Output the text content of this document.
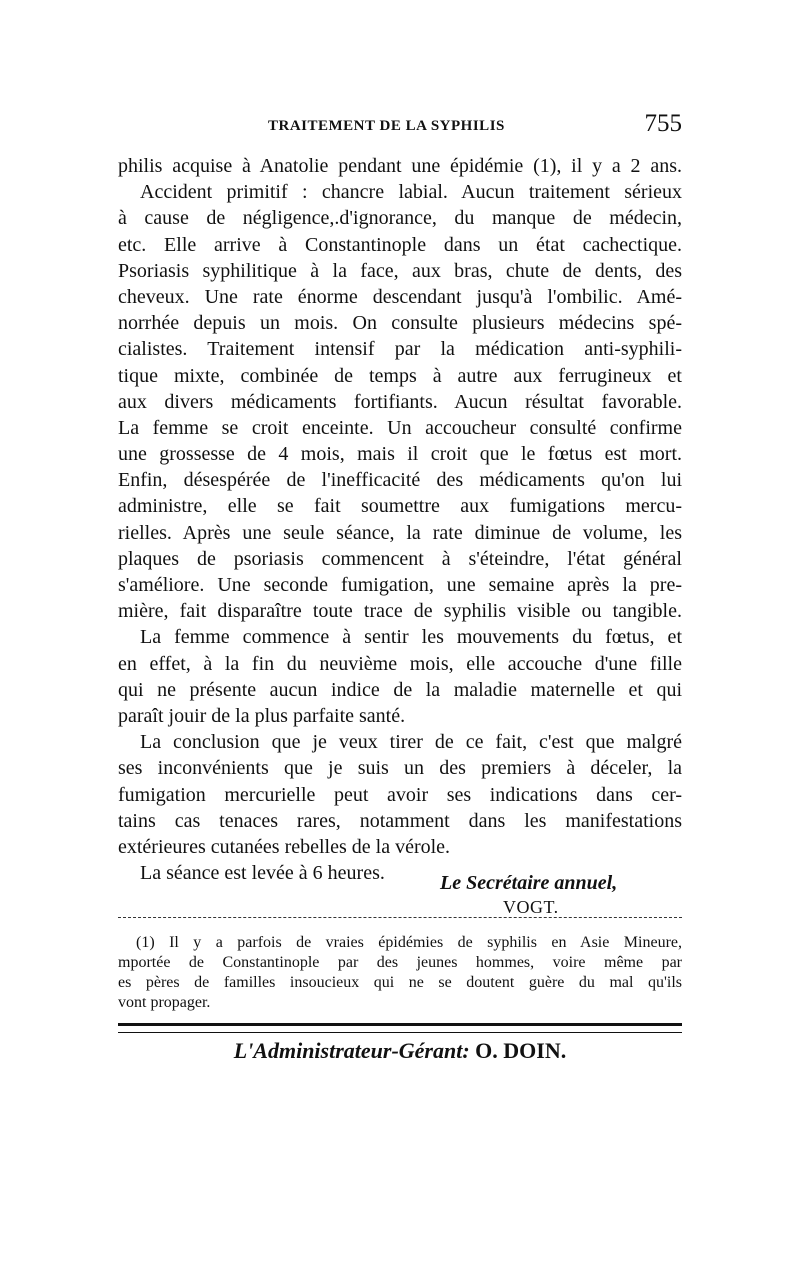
TRAITEMENT DE LA SYPHILIS	755
philis acquise à Anatolie pendant une épidémie (1), il y a 2 ans.
Accident primitif : chancre labial. Aucun traitement sérieux
à cause de négligence,.d'ignorance, du manque de médecin,
etc. Elle arrive à Constantinople dans un état cachectique.
Psoriasis syphilitique à la face, aux bras, chute de dents, des
cheveux. Une rate énorme descendant jusqu'à l'ombilic. Amé-
norrhée depuis un mois. On consulte plusieurs médecins spé-
cialistes. Traitement intensif par la médication anti-syphili-
tique mixte, combinée de temps à autre aux ferrugineux et
aux divers médicaments fortifiants. Aucun résultat favorable.
La femme se croit enceinte. Un accoucheur consulté confirme
une grossesse de 4 mois, mais il croit que le fœtus est mort.
Enfin, désespérée de l'inefficacité des médicaments qu'on lui
administre, elle se fait soumettre aux fumigations mercu-
rielles. Après une seule séance, la rate diminue de volume, les
plaques de psoriasis commencent à s'éteindre, l'état général
s'améliore. Une seconde fumigation, une semaine après la pre-
mière, fait disparaître toute trace de syphilis visible ou tangible.
La femme commence à sentir les mouvements du fœtus, et
en effet, à la fin du neuvième mois, elle accouche d'une fille
qui ne présente aucun indice de la maladie maternelle et qui
paraît jouir de la plus parfaite santé.
La conclusion que je veux tirer de ce fait, c'est que malgré
ses inconvénients que je suis un des premiers à déceler, la
fumigation mercurielle peut avoir ses indications dans cer-
tains cas tenaces rares, notamment dans les manifestations
extérieures cutanées rebelles de la vérole.
La séance est levée à 6 heures.	Le Secrétaire annuel,
VOGT.
(1) Il y a parfois de vraies épidémies de syphilis en Asie Mineure,
mportée de Constantinople par des jeunes hommes, voire même par
es pères de familles insoucieux qui ne se doutent guère du mal qu'ils
vont propager.
L'Administrateur-Gérant: O. DOIN.
